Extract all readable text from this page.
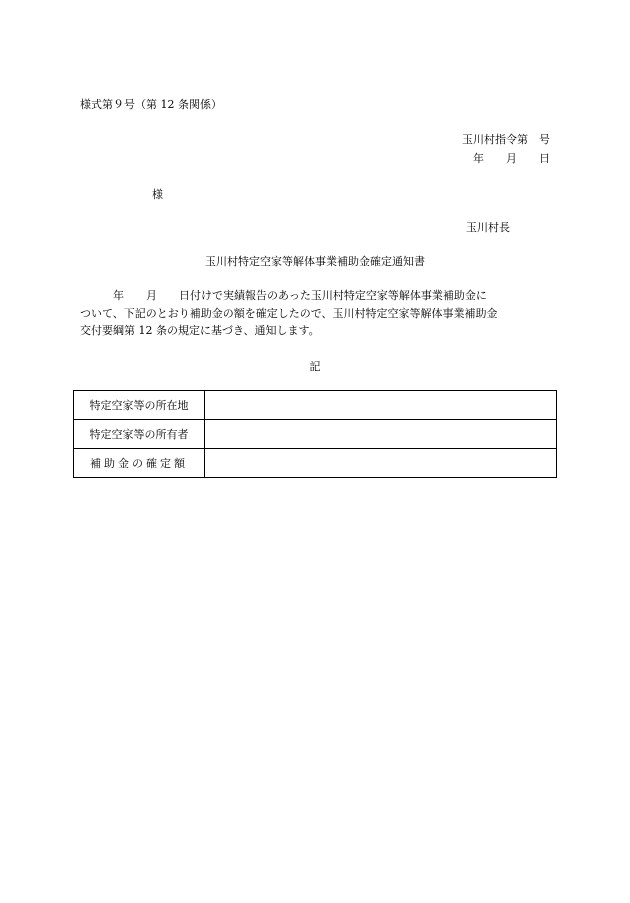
様式第９号（第 12 条関係）
玉川村指令第　号
年　　月　　日
様
玉川村長
玉川村特定空家等解体事業補助金確定通知書
　　　年　　月　　日付けで実績報告のあった玉川村特定空家等解体事業補助金に
ついて、下記のとおり補助金の額を確定したので、玉川村特定空家等解体事業補助金
交付要綱第 12 条の規定に基づき、通知します。
記
特定空家等の所在地	
特定空家等の所有者	
補助金の確定額	
